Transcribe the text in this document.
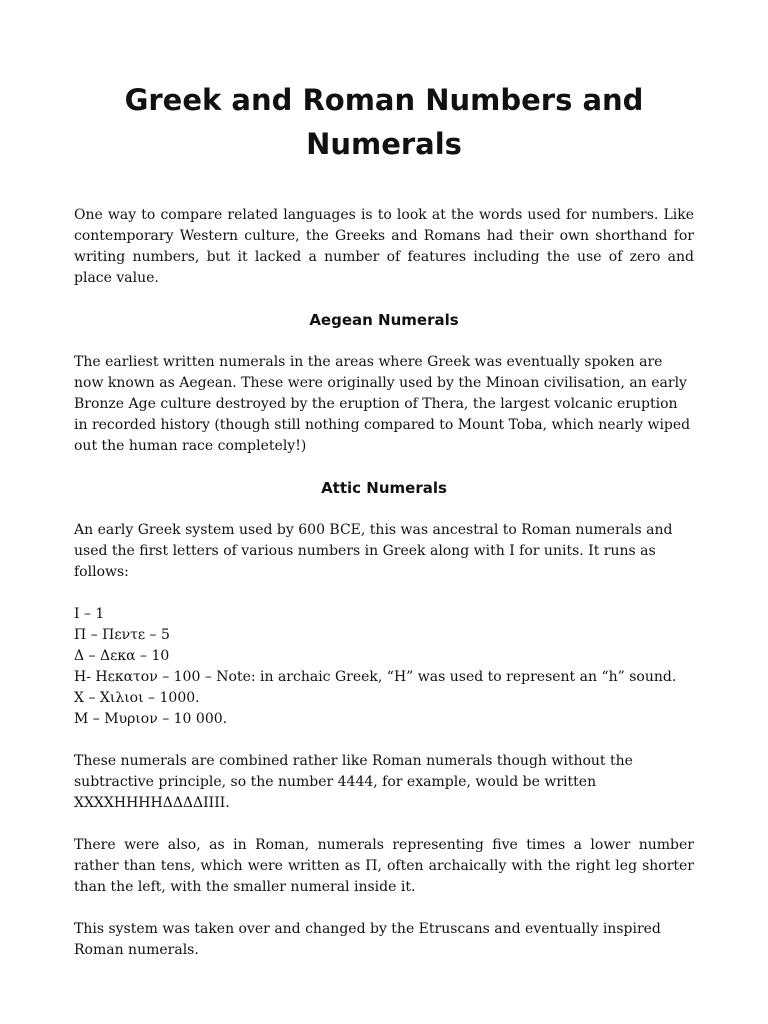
Greek and Roman Numbers and
Numerals

One way to compare related languages is to look at the words used for numbers. Like contemporary Western culture, the Greeks and Romans had their own shorthand for writing numbers, but it lacked a number of features including the use of zero and place value.

Aegean Numerals

The earliest written numerals in the areas where Greek was eventually spoken are now known as Aegean. These were originally used by the Minoan civilisation, an early Bronze Age culture destroyed by the eruption of Thera, the largest volcanic eruption in recorded history (though still nothing compared to Mount Toba, which nearly wiped out the human race completely!)

Attic Numerals

An early Greek system used by 600 BCE, this was ancestral to Roman numerals and used the first letters of various numbers in Greek along with I for units. It runs as follows:

I – 1
Π – Πεντε – 5
Δ – Δεκα – 10
H- Hεκατον – 100 – Note: in archaic Greek, “H” was used to represent an “h” sound.
X – Χιλιοι – 1000.
M – Μυριον – 10 000.

These numerals are combined rather like Roman numerals though without the subtractive principle, so the number 4444, for example, would be written XXXXHHHHΔΔΔΔIIII.

There were also, as in Roman, numerals representing five times a lower number rather than tens, which were written as Π, often archaically with the right leg shorter than the left, with the smaller numeral inside it.

This system was taken over and changed by the Etruscans and eventually inspired Roman numerals.
